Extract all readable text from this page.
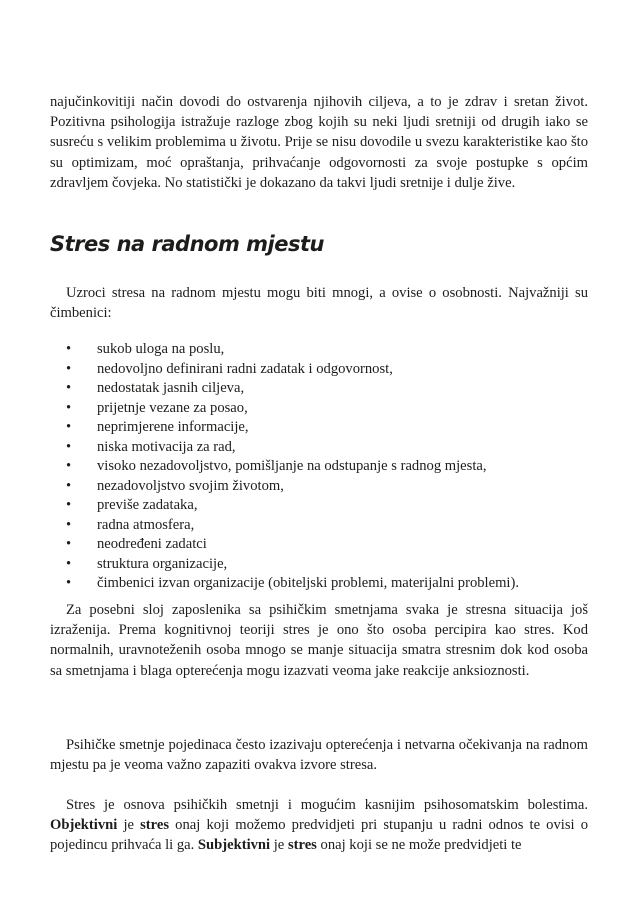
najučinkovitiji način dovodi do ostvarenja njihovih ciljeva, a to je zdrav i sretan život. Pozitivna psihologija istražuje razloge zbog kojih su neki ljudi sretniji od drugih iako se susreću s velikim problemima u životu. Prije se nisu dovodile u svezu karakteristike kao što su optimizam, moć opraštanja, prihvaćanje odgovornosti za svoje postupke s općim zdravljem čovjeka. No statistički je dokazano da takvi ljudi sretnije i dulje žive.

Stres na radnom mjestu

Uzroci stresa na radnom mjestu mogu biti mnogi, a ovise o osobnosti. Najvažniji su čimbenici:

• sukob uloga na poslu,
• nedovoljno definirani radni zadatak i odgovornost,
• nedostatak jasnih ciljeva,
• prijetnje vezane za posao,
• neprimjerene informacije,
• niska motivacija za rad,
• visoko nezadovoljstvo, pomišljanje na odstupanje s radnog mjesta,
• nezadovoljstvo svojim životom,
• previše zadataka,
• radna atmosfera,
• neodređeni zadatci
• struktura organizacije,
• čimbenici izvan organizacije (obiteljski problemi, materijalni problemi).

Za posebni sloj zaposlenika sa psihičkim smetnjama svaka je stresna situacija još izraženija. Prema kognitivnoj teoriji stres je ono što osoba percipira kao stres. Kod normalnih, uravnoteženih osoba mnogo se manje situacija smatra stresnim dok kod osoba sa smetnjama i blaga opterećenja mogu izazvati veoma jake reakcije anksioznosti.

Psihičke smetnje pojedinaca često izazivaju opterećenja i netvarna očekivanja na radnom mjestu pa je veoma važno zapaziti ovakva izvore stresa.

Stres je osnova psihičkih smetnji i mogućim kasnijim psihosomatskim bolestima. Objektivni je stres onaj koji možemo predvidjeti pri stupanju u radni odnos te ovisi o pojedincu prihvaća li ga. Subjektivni je stres onaj koji se ne može predvidjeti te
